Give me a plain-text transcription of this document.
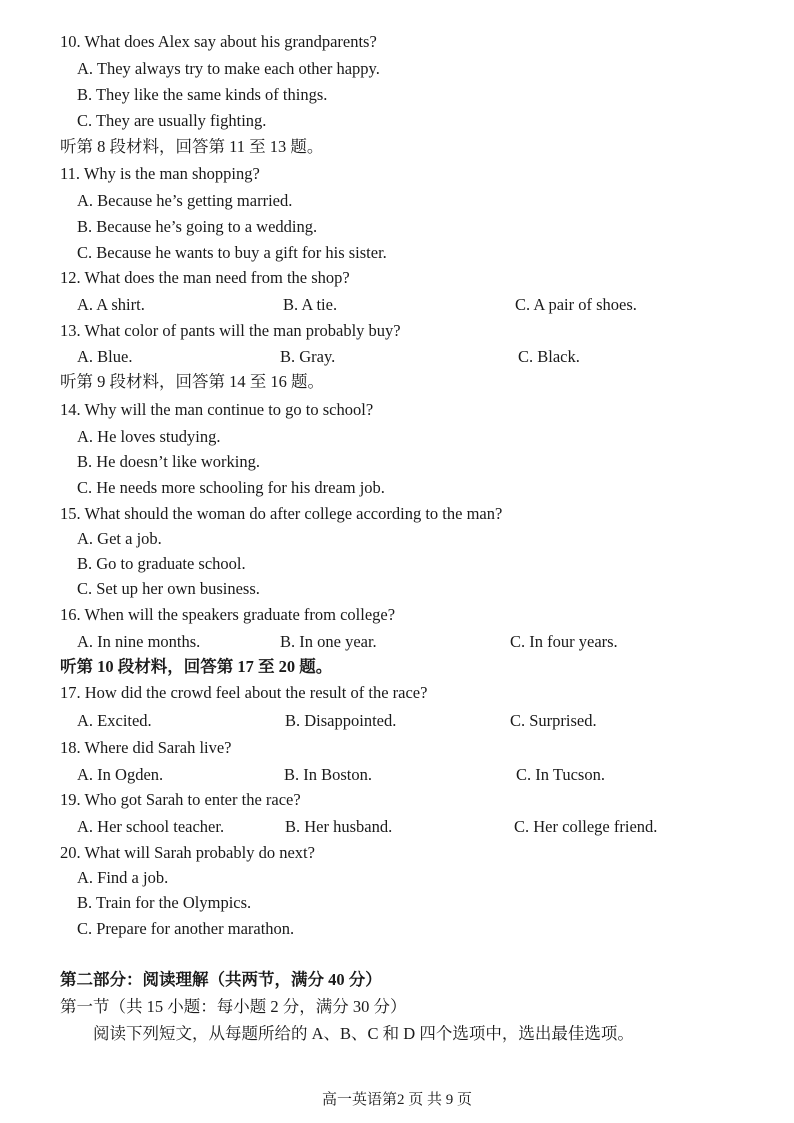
10. What does Alex say about his grandparents?
A. They always try to make each other happy.
B. They like the same kinds of things.
C. They are usually fighting.
听第 8 段材料，回答第 11 至 13 题。
11. Why is the man shopping?
A. Because he’s getting married.
B. Because he’s going to a wedding.
C. Because he wants to buy a gift for his sister.
12. What does the man need from the shop?
A. A shirt.	B. A tie.	C. A pair of shoes.
13. What color of pants will the man probably buy?
A. Blue.	B. Gray.	C. Black.
听第 9 段材料，回答第 14 至 16 题。
14. Why will the man continue to go to school?
A. He loves studying.
B. He doesn’t like working.
C. He needs more schooling for his dream job.
15. What should the woman do after college according to the man?
A. Get a job.
B. Go to graduate school.
C. Set up her own business.
16. When will the speakers graduate from college?
A. In nine months.	B. In one year.	C. In four years.
听第 10 段材料，回答第 17 至 20 题。
17. How did the crowd feel about the result of the race?
A. Excited.	B. Disappointed.	C. Surprised.
18. Where did Sarah live?
A. In Ogden.	B. In Boston.	C. In Tucson.
19. Who got Sarah to enter the race?
A. Her school teacher.	B. Her husband.	C. Her college friend.
20. What will Sarah probably do next?
A. Find a job.
B. Train for the Olympics.
C. Prepare for another marathon.
第二部分：阅读理解（共两节，满分 40 分）
第一节（共 15 小题：每小题 2 分，满分 30 分）
阅读下列短文，从每题所给的 A、B、C 和 D 四个选项中，选出最佳选项。
高一英语第2 页 共 9 页
